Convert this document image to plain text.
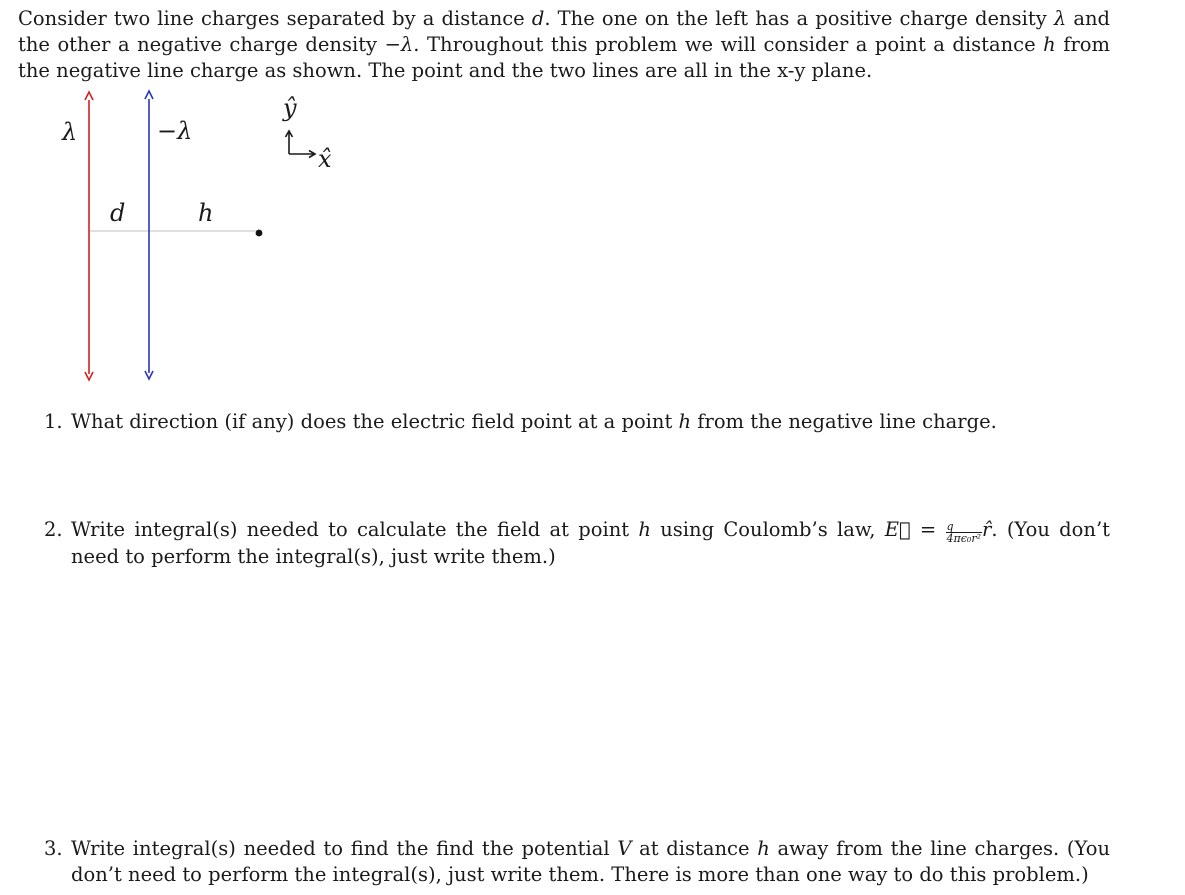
Consider two line charges separated by a distance d. The one on the left has a positive charge density λ and the other a negative charge density −λ. Throughout this problem we will consider a point a distance h from the negative line charge as shown. The point and the two lines are all in the x-y plane.
λ	−λ
d	h
ŷ
x̂
1. What direction (if any) does the electric field point at a point h from the negative line charge.
2. Write integral(s) needed to calculate the field at point h using Coulomb’s law, E⃗ = $\frac{q}{\text{4πϵ₀r²}}$ r̂. (You don’t need to perform the integral(s), just write them.)
3. Write integral(s) needed to find the find the potential V at distance h away from the line charges. (You don’t need to perform the integral(s), just write them. There is more than one way to do this problem.)
